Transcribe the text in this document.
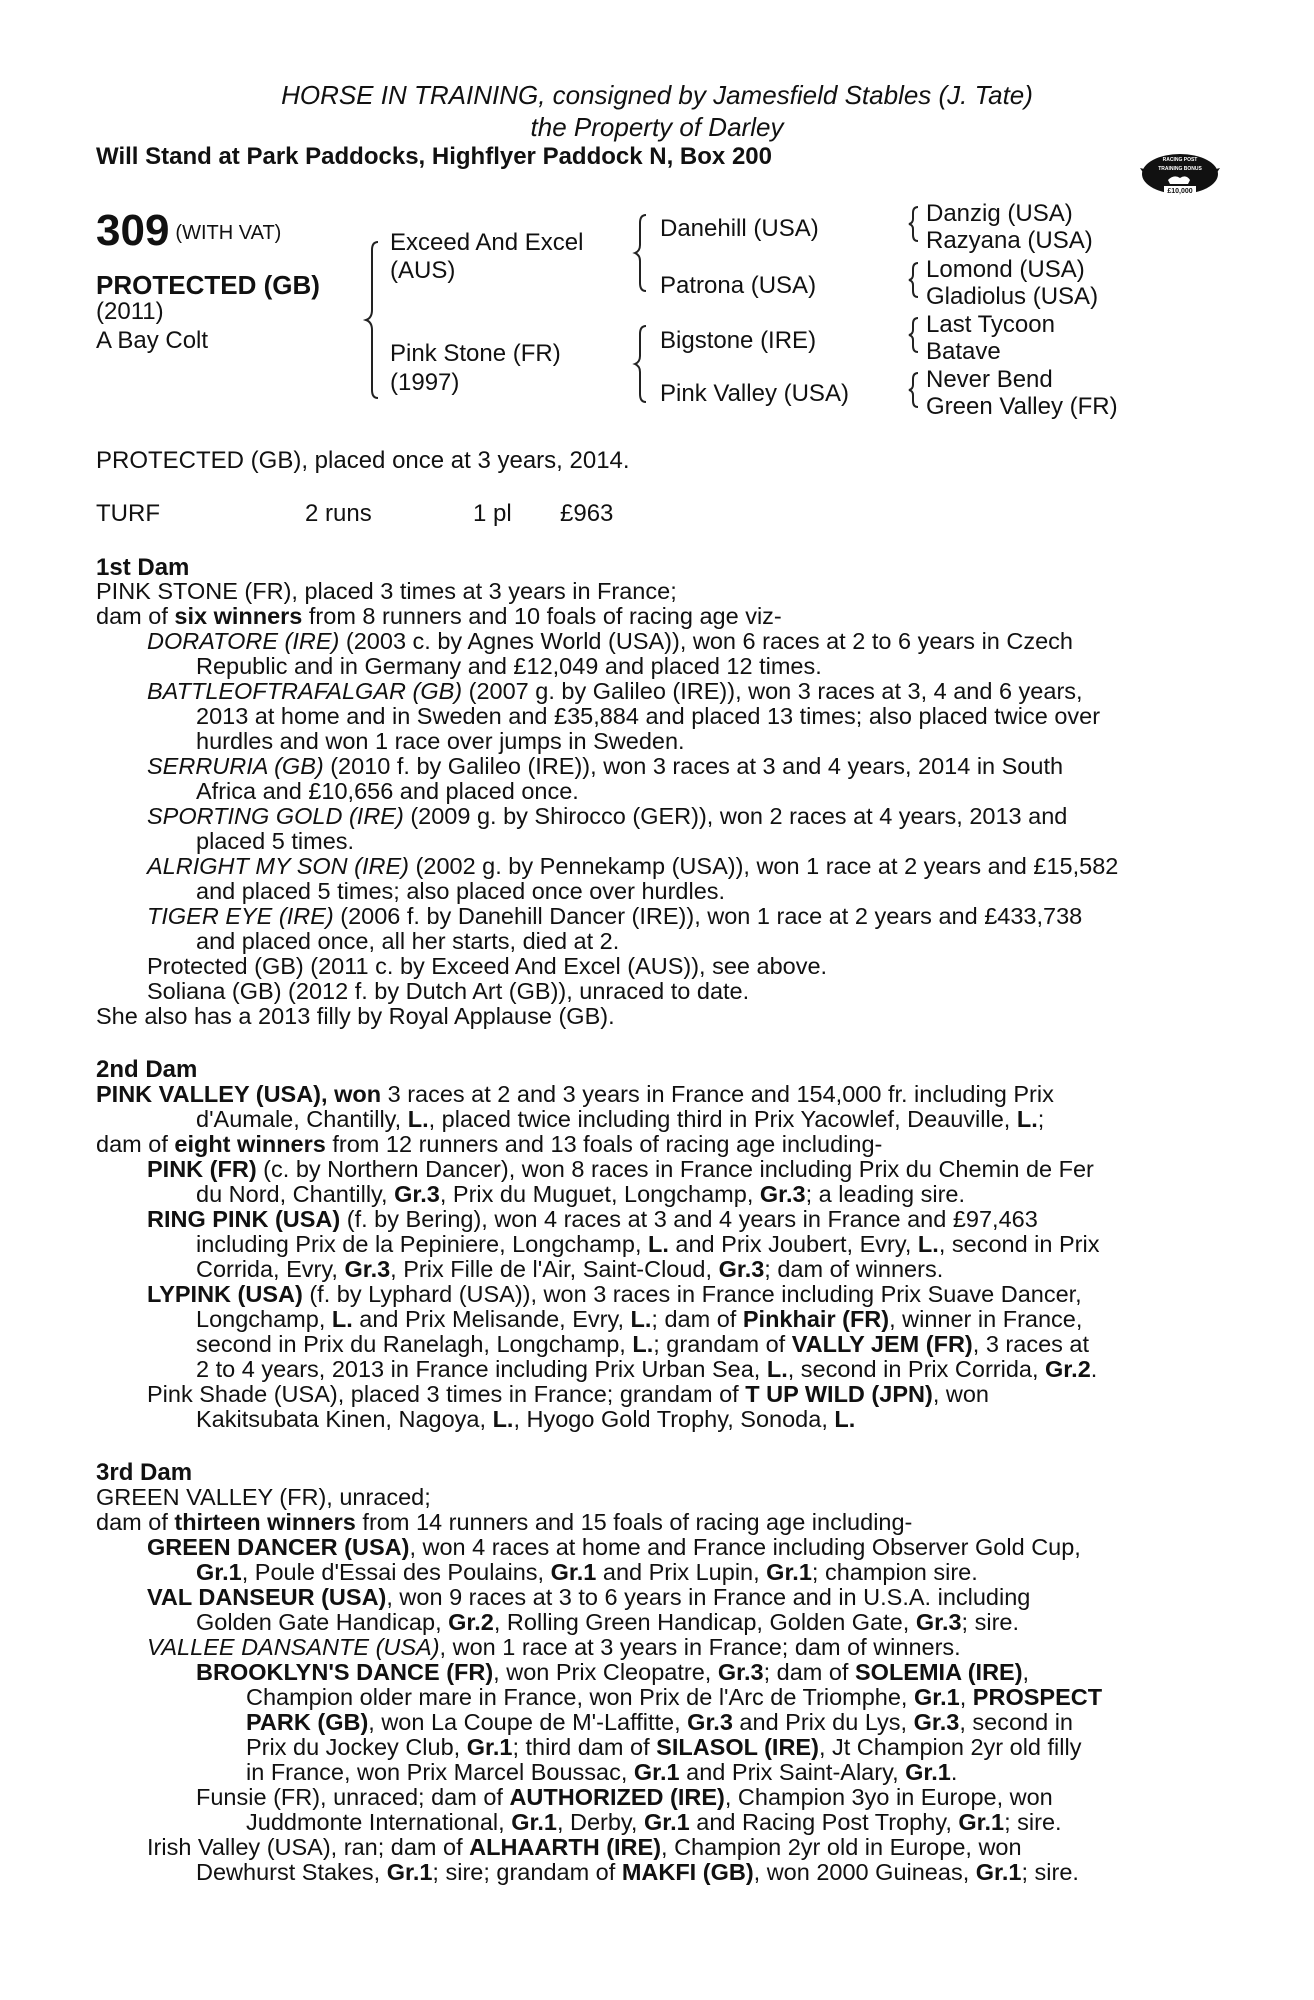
HORSE IN TRAINING, consigned by Jamesfield Stables (J. Tate)
the Property of Darley
Will Stand at Park Paddocks, Highflyer Paddock N, Box 200	RACING POST
TRAINING BONUS
£10,000
309 (WITH VAT)
PROTECTED (GB)
(2011)
A Bay Colt
Exceed And Excel
(AUS)
Pink Stone (FR)
(1997)
Danehill (USA)
Patrona (USA)
Bigstone (IRE)
Pink Valley (USA)
Danzig (USA)
Razyana (USA)
Lomond (USA)
Gladiolus (USA)
Last Tycoon
Batave
Never Bend
Green Valley (FR)
PROTECTED (GB), placed once at 3 years, 2014.
TURF	2 runs	1 pl £963
1st Dam
PINK STONE (FR), placed 3 times at 3 years in France;
dam of six winners from 8 runners and 10 foals of racing age viz-
DORATORE (IRE) (2003 c. by Agnes World (USA)), won 6 races at 2 to 6 years in Czech
Republic and in Germany and £12,049 and placed 12 times.
BATTLEOFTRAFALGAR (GB) (2007 g. by Galileo (IRE)), won 3 races at 3, 4 and 6 years,
2013 at home and in Sweden and £35,884 and placed 13 times; also placed twice over
hurdles and won 1 race over jumps in Sweden.
SERRURIA (GB) (2010 f. by Galileo (IRE)), won 3 races at 3 and 4 years, 2014 in South
Africa and £10,656 and placed once.
SPORTING GOLD (IRE) (2009 g. by Shirocco (GER)), won 2 races at 4 years, 2013 and
placed 5 times.
ALRIGHT MY SON (IRE) (2002 g. by Pennekamp (USA)), won 1 race at 2 years and £15,582
and placed 5 times; also placed once over hurdles.
TIGER EYE (IRE) (2006 f. by Danehill Dancer (IRE)), won 1 race at 2 years and £433,738
and placed once, all her starts, died at 2.
Protected (GB) (2011 c. by Exceed And Excel (AUS)), see above.
Soliana (GB) (2012 f. by Dutch Art (GB)), unraced to date.
She also has a 2013 filly by Royal Applause (GB).
2nd Dam
PINK VALLEY (USA), won 3 races at 2 and 3 years in France and 154,000 fr. including Prix
d'Aumale, Chantilly, L., placed twice including third in Prix Yacowlef, Deauville, L.;
dam of eight winners from 12 runners and 13 foals of racing age including-
PINK (FR) (c. by Northern Dancer), won 8 races in France including Prix du Chemin de Fer
du Nord, Chantilly, Gr.3, Prix du Muguet, Longchamp, Gr.3; a leading sire.
RING PINK (USA) (f. by Bering), won 4 races at 3 and 4 years in France and £97,463
including Prix de la Pepiniere, Longchamp, L. and Prix Joubert, Evry, L., second in Prix
Corrida, Evry, Gr.3, Prix Fille de l'Air, Saint-Cloud, Gr.3; dam of winners.
LYPINK (USA) (f. by Lyphard (USA)), won 3 races in France including Prix Suave Dancer,
Longchamp, L. and Prix Melisande, Evry, L.; dam of Pinkhair (FR), winner in France,
second in Prix du Ranelagh, Longchamp, L.; grandam of VALLY JEM (FR), 3 races at
2 to 4 years, 2013 in France including Prix Urban Sea, L., second in Prix Corrida, Gr.2.
Pink Shade (USA), placed 3 times in France; grandam of T UP WILD (JPN), won
Kakitsubata Kinen, Nagoya, L., Hyogo Gold Trophy, Sonoda, L.
3rd Dam
GREEN VALLEY (FR), unraced;
dam of thirteen winners from 14 runners and 15 foals of racing age including-
GREEN DANCER (USA), won 4 races at home and France including Observer Gold Cup,
Gr.1, Poule d'Essai des Poulains, Gr.1 and Prix Lupin, Gr.1; champion sire.
VAL DANSEUR (USA), won 9 races at 3 to 6 years in France and in U.S.A. including
Golden Gate Handicap, Gr.2, Rolling Green Handicap, Golden Gate, Gr.3; sire.
VALLEE DANSANTE (USA), won 1 race at 3 years in France; dam of winners.
BROOKLYN'S DANCE (FR), won Prix Cleopatre, Gr.3; dam of SOLEMIA (IRE),
Champion older mare in France, won Prix de l'Arc de Triomphe, Gr.1, PROSPECT
PARK (GB), won La Coupe de M'-Laffitte, Gr.3 and Prix du Lys, Gr.3, second in
Prix du Jockey Club, Gr.1; third dam of SILASOL (IRE), Jt Champion 2yr old filly
in France, won Prix Marcel Boussac, Gr.1 and Prix Saint-Alary, Gr.1.
Funsie (FR), unraced; dam of AUTHORIZED (IRE), Champion 3yo in Europe, won
Juddmonte International, Gr.1, Derby, Gr.1 and Racing Post Trophy, Gr.1; sire.
Irish Valley (USA), ran; dam of ALHAARTH (IRE), Champion 2yr old in Europe, won
Dewhurst Stakes, Gr.1; sire; grandam of MAKFI (GB), won 2000 Guineas, Gr.1; sire.
